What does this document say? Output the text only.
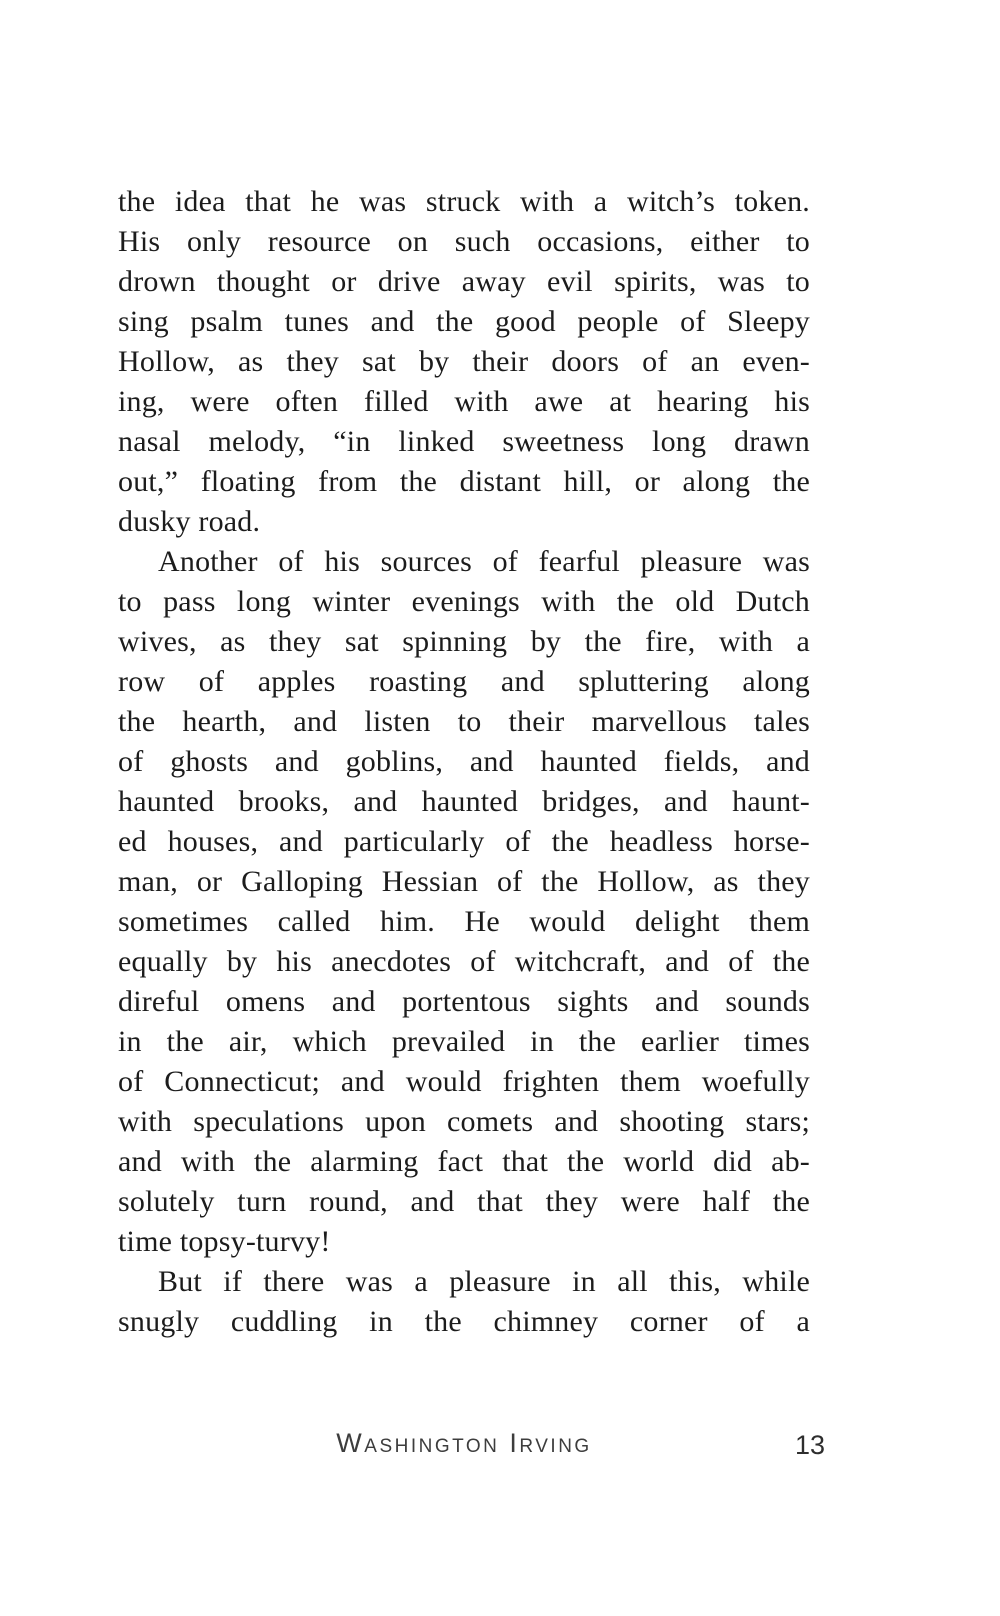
the idea that he was struck with a witch’s token.
His only resource on such occasions, either to
drown thought or drive away evil spirits, was to
sing psalm tunes and the good people of Sleepy
Hollow, as they sat by their doors of an even-
ing, were often filled with awe at hearing his
nasal melody, “in linked sweetness long drawn
out,” floating from the distant hill, or along the
dusky road.
Another of his sources of fearful pleasure was
to pass long winter evenings with the old Dutch
wives, as they sat spinning by the fire, with a
row of apples roasting and spluttering along
the hearth, and listen to their marvellous tales
of ghosts and goblins, and haunted fields, and
haunted brooks, and haunted bridges, and haunt-
ed houses, and particularly of the headless horse-
man, or Galloping Hessian of the Hollow, as they
sometimes called him. He would delight them
equally by his anecdotes of witchcraft, and of the
direful omens and portentous sights and sounds
in the air, which prevailed in the earlier times
of Connecticut; and would frighten them woefully
with speculations upon comets and shooting stars;
and with the alarming fact that the world did ab-
solutely turn round, and that they were half the
time topsy-turvy!
But if there was a pleasure in all this, while
snugly cuddling in the chimney corner of a
Washington Irving	13
